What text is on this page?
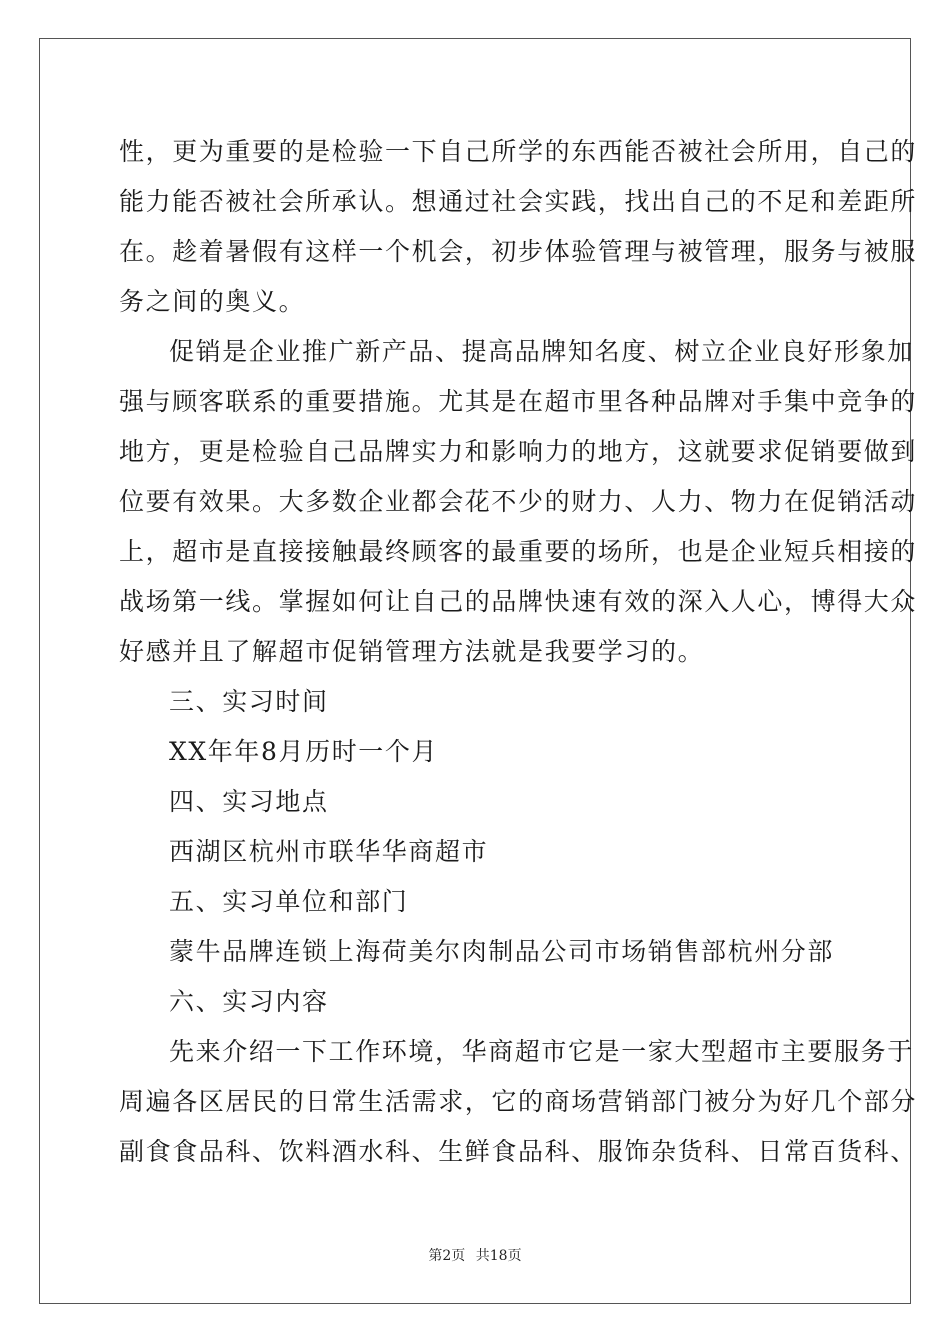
性，更为重要的是检验一下自己所学的东西能否被社会所用，自己的
能力能否被社会所承认。想通过社会实践，找出自己的不足和差距所
在。趁着暑假有这样一个机会，初步体验管理与被管理，服务与被服
务之间的奥义。
促销是企业推广新产品、提高品牌知名度、树立企业良好形象加
强与顾客联系的重要措施。尤其是在超市里各种品牌对手集中竞争的
地方，更是检验自己品牌实力和影响力的地方，这就要求促销要做到
位要有效果。大多数企业都会花不少的财力、人力、物力在促销活动
上，超市是直接接触最终顾客的最重要的场所，也是企业短兵相接的
战场第一线。掌握如何让自己的品牌快速有效的深入人心，博得大众
好感并且了解超市促销管理方法就是我要学习的。
三、实习时间
XX年年8月历时一个月
四、实习地点
西湖区杭州市联华华商超市
五、实习单位和部门
蒙牛品牌连锁上海荷美尔肉制品公司市场销售部杭州分部
六、实习内容
先来介绍一下工作环境，华商超市它是一家大型超市主要服务于
周遍各区居民的日常生活需求，它的商场营销部门被分为好几个部分
副食食品科、饮料酒水科、生鲜食品科、服饰杂货科、日常百货科、
第2页 共18页
